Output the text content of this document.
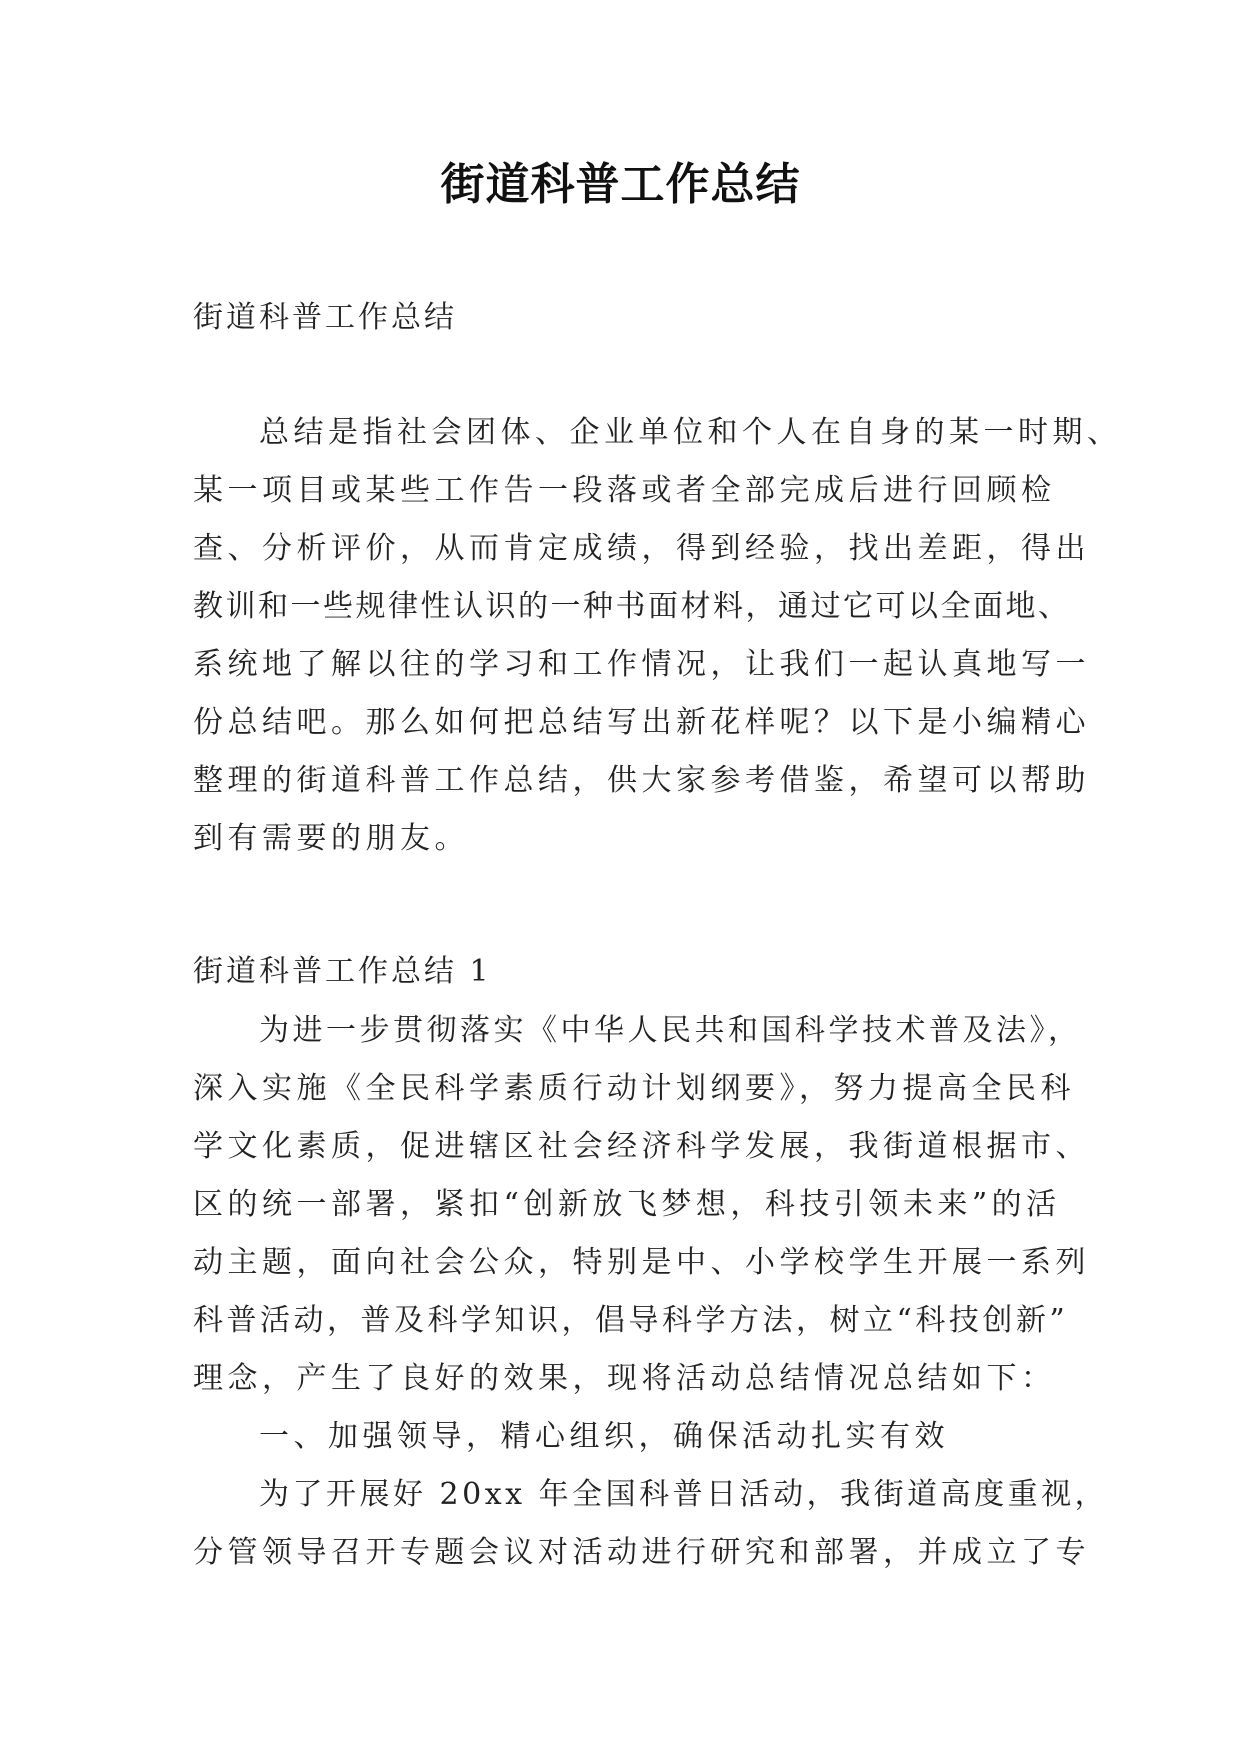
街道科普工作总结
街道科普工作总结
总结是指社会团体、企业单位和个人在自身的某一时期、
某一项目或某些工作告一段落或者全部完成后进行回顾检
查、分析评价，从而肯定成绩，得到经验，找出差距，得出
教训和一些规律性认识的一种书面材料，通过它可以全面地、
系统地了解以往的学习和工作情况，让我们一起认真地写一
份总结吧。那么如何把总结写出新花样呢？以下是小编精心
整理的街道科普工作总结，供大家参考借鉴，希望可以帮助
到有需要的朋友。
街道科普工作总结 1
为进一步贯彻落实《中华人民共和国科学技术普及法》，
深入实施《全民科学素质行动计划纲要》，努力提高全民科
学文化素质，促进辖区社会经济科学发展，我街道根据市、
区的统一部署，紧扣“创新放飞梦想，科技引领未来”的活
动主题，面向社会公众，特别是中、小学校学生开展一系列
科普活动，普及科学知识，倡导科学方法，树立“科技创新”
理念，产生了良好的效果，现将活动总结情况总结如下：
一、加强领导，精心组织，确保活动扎实有效
为了开展好 20xx 年全国科普日活动，我街道高度重视，
分管领导召开专题会议对活动进行研究和部署，并成立了专
